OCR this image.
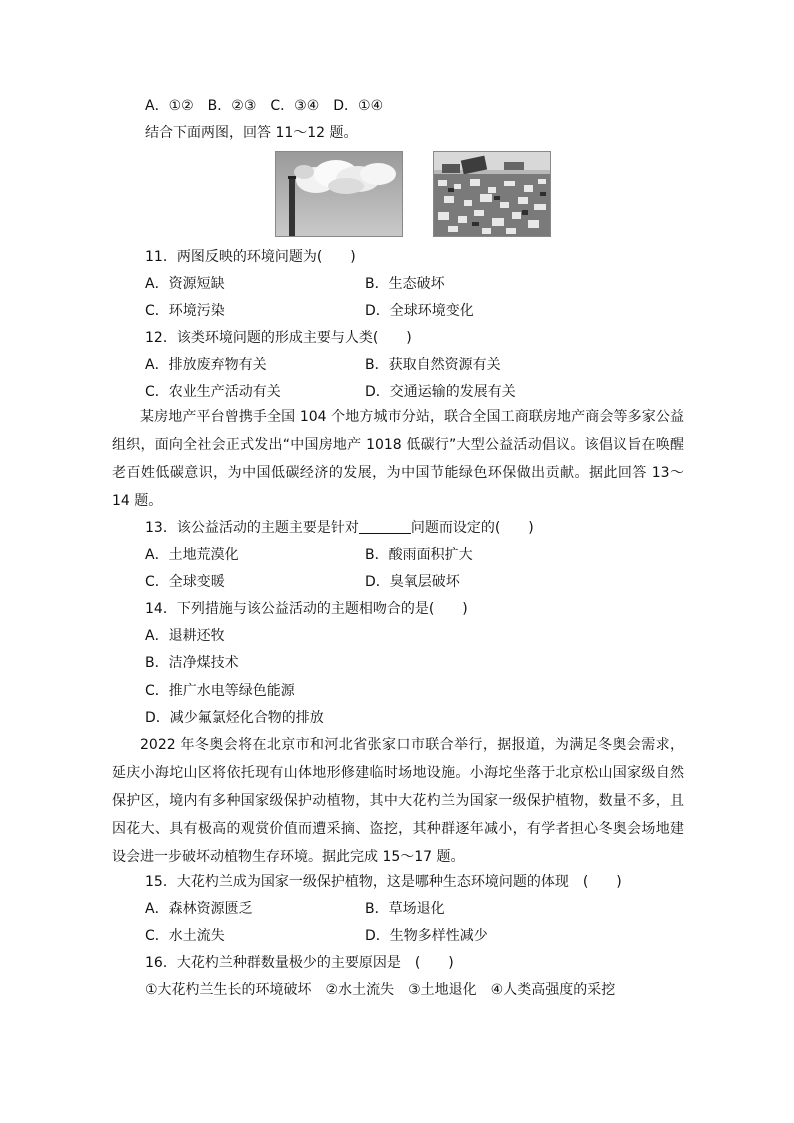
A．①②　B．②③　C．③④　D．①④
结合下面两图，回答 11～12 题。
11．两图反映的环境问题为(　　)
A．资源短缺	B．生态破坏
C．环境污染	D．全球环境变化
12．该类环境问题的形成主要与人类(　　)
A．排放废弃物有关	B．获取自然资源有关
C．农业生产活动有关	D．交通运输的发展有关
某房地产平台曾携手全国 104 个地方城市分站，联合全国工商联房地产商会等多家公益组织，面向全社会正式发出“中国房地产 1018 低碳行”大型公益活动倡议。该倡议旨在唤醒老百姓低碳意识，为中国低碳经济的发展，为中国节能绿色环保做出贡献。据此回答 13～14 题。
13．该公益活动的主题主要是针对	问题而设定的(　　)
A．土地荒漠化	B．酸雨面积扩大
C．全球变暖	D．臭氧层破坏
14．下列措施与该公益活动的主题相吻合的是(　　)
A．退耕还牧
B．洁净煤技术
C．推广水电等绿色能源
D．减少氟氯烃化合物的排放
2022 年冬奥会将在北京市和河北省张家口市联合举行，据报道，为满足冬奥会需求，延庆小海坨山区将依托现有山体地形修建临时场地设施。小海坨坐落于北京松山国家级自然保护区，境内有多种国家级保护动植物，其中大花杓兰为国家一级保护植物，数量不多，且因花大、具有极高的观赏价值而遭采摘、盗挖，其种群逐年减小，有学者担心冬奥会场地建设会进一步破坏动植物生存环境。据此完成 15～17 题。
15．大花杓兰成为国家一级保护植物，这是哪种生态环境问题的体现　(　　)
A．森林资源匮乏	B．草场退化
C．水土流失	D．生物多样性减少
16．大花杓兰种群数量极少的主要原因是　(　　)
①大花杓兰生长的环境破坏　②水土流失　③土地退化　④人类高强度的采挖
